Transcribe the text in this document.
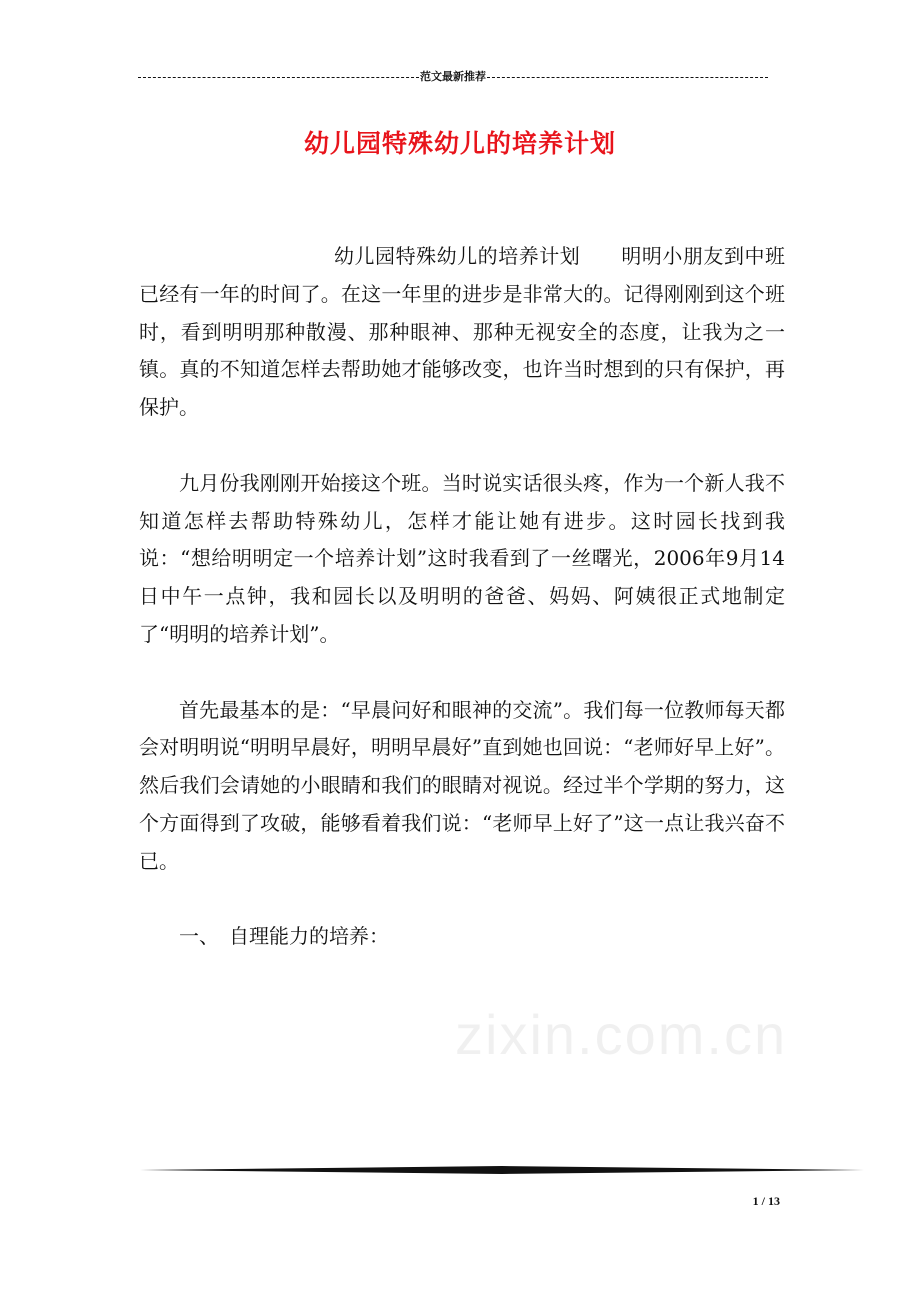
范文最新推荐
幼儿园特殊幼儿的培养计划

幼儿园特殊幼儿的培养计划　　明明小朋友到中班已经有一年的时间了。在这一年里的进步是非常大的。记得刚刚到这个班时，看到明明那种散漫、那种眼神、那种无视安全的态度，让我为之一镇。真的不知道怎样去帮助她才能够改变，也许当时想到的只有保护，再保护。

九月份我刚刚开始接这个班。当时说实话很头疼，作为一个新人我不知道怎样去帮助特殊幼儿，怎样才能让她有进步。这时园长找到我说：“想给明明定一个培养计划”这时我看到了一丝曙光，2006年9月14日中午一点钟，我和园长以及明明的爸爸、妈妈、阿姨很正式地制定了“明明的培养计划”。

首先最基本的是：“早晨问好和眼神的交流”。我们每一位教师每天都会对明明说“明明早晨好，明明早晨好”直到她也回说：“老师好早上好”。然后我们会请她的小眼睛和我们的眼睛对视说。经过半个学期的努力，这个方面得到了攻破，能够看着我们说：“老师早上好了”这一点让我兴奋不已。

一、　自理能力的培养：

zixin.com.cn
1 / 13
